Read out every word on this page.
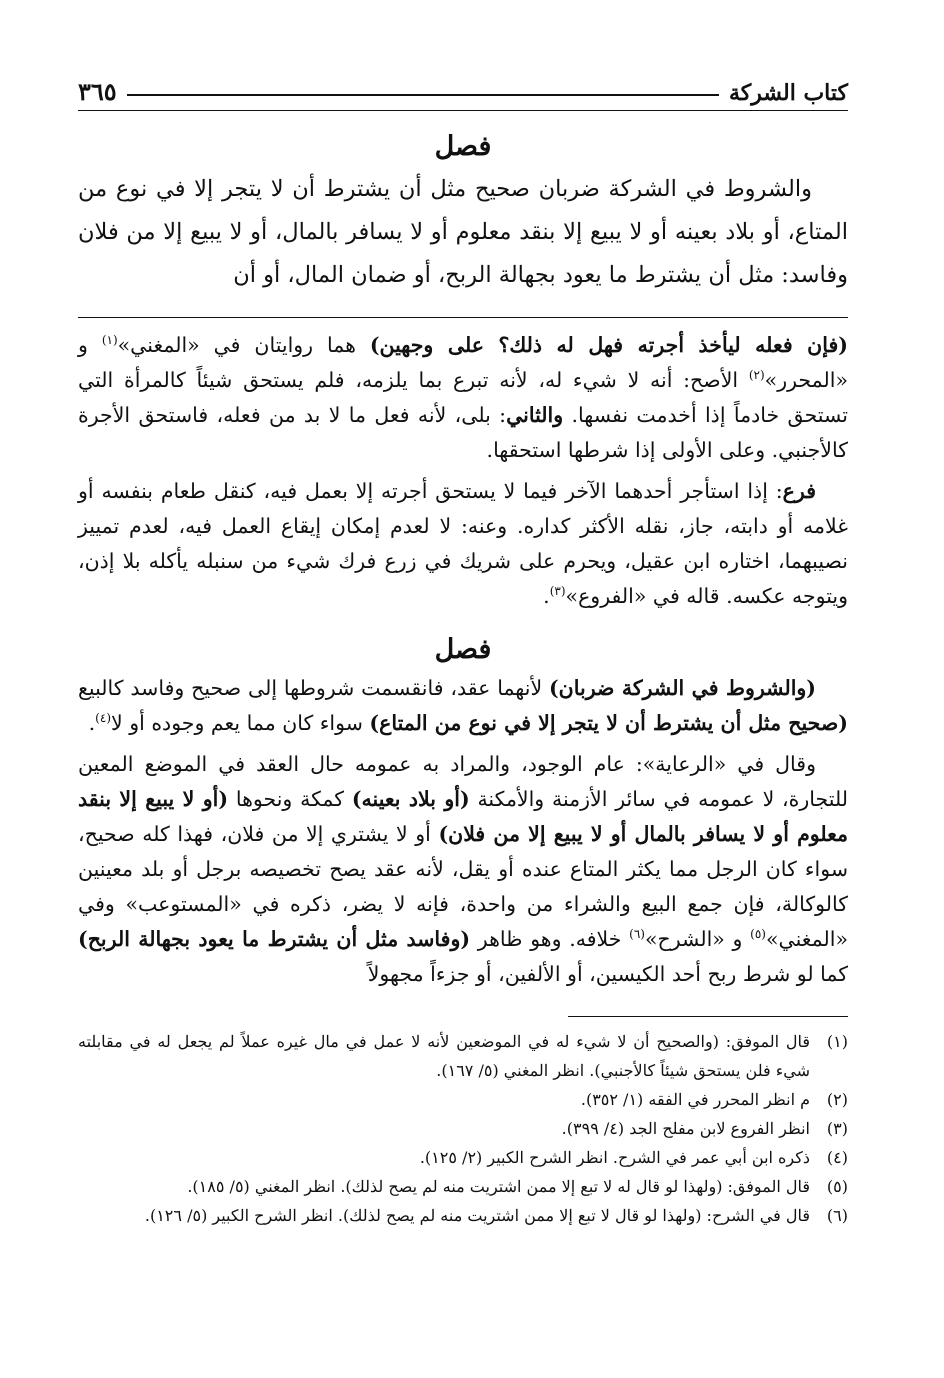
كتاب الشركة
٣٦٥
فصل

والشروط في الشركة ضربان صحيح مثل أن يشترط أن لا يتجر إلا في نوع من المتاع، أو بلاد بعينه أو لا يبيع إلا بنقد معلوم أو لا يسافر بالمال، أو لا يبيع إلا من فلان وفاسد: مثل أن يشترط ما يعود بجهالة الربح، أو ضمان المال، أو أن

(فإن فعله ليأخذ أجرته فهل له ذلك؟ على وجهين) هما روايتان في «المغني»$^{(١)}$ و «المحرر»$^{(٢)}$ الأصح: أنه لا شيء له، لأنه تبرع بما يلزمه، فلم يستحق شيئاً كالمرأة التي تستحق خادماً إذا أخدمت نفسها. والثاني: بلى، لأنه فعل ما لا بد من فعله، فاستحق الأجرة كالأجنبي. وعلى الأولى إذا شرطها استحقها.

فرع: إذا استأجر أحدهما الآخر فيما لا يستحق أجرته إلا بعمل فيه، كنقل طعام بنفسه أو غلامه أو دابته، جاز، نقله الأكثر كداره. وعنه: لا لعدم إمكان إيقاع العمل فيه، لعدم تمييز نصيبهما، اختاره ابن عقيل، ويحرم على شريك في زرع فرك شيء من سنبله يأكله بلا إذن، ويتوجه عكسه. قاله في «الفروع»$^{(٣)}$.

فصل

(والشروط في الشركة ضربان) لأنهما عقد، فانقسمت شروطها إلى صحيح وفاسد كالبيع (صحيح مثل أن يشترط أن لا يتجر إلا في نوع من المتاع) سواء كان مما يعم وجوده أو لا$^{(٤)}$.

وقال في «الرعاية»: عام الوجود، والمراد به عمومه حال العقد في الموضع المعين للتجارة، لا عمومه في سائر الأزمنة والأمكنة (أو بلاد بعينه) كمكة ونحوها (أو لا يبيع إلا بنقد معلوم أو لا يسافر بالمال أو لا يبيع إلا من فلان) أو لا يشتري إلا من فلان، فهذا كله صحيح، سواء كان الرجل مما يكثر المتاع عنده أو يقل، لأنه عقد يصح تخصيصه برجل أو بلد معينين كالوكالة، فإن جمع البيع والشراء من واحدة، فإنه لا يضر، ذكره في «المستوعب» وفي «المغني»$^{(٥)}$ و «الشرح»$^{(٦)}$ خلافه. وهو ظاهر (وفاسد مثل أن يشترط ما يعود بجهالة الربح) كما لو شرط ربح أحد الكيسين، أو الألفين، أو جزءاً مجهولاً

(١)
قال الموفق: (والصحيح أن لا شيء له في الموضعين لأنه لا عمل في مال غيره عملاً لم يجعل له في مقابلته شيء فلن يستحق شيئاً كالأجنبي). انظر المغني (٥/ ١٦٧).
(٢)
م انظر المحرر في الفقه (١/ ٣٥٢).
(٣)
انظر الفروع لابن مفلح الجد (٤/ ٣٩٩).
(٤)
ذكره ابن أبي عمر في الشرح. انظر الشرح الكبير (٢/ ١٢٥).
(٥)
قال الموفق: (ولهذا لو قال له لا تبع إلا ممن اشتريت منه لم يصح لذلك). انظر المغني (٥/ ١٨٥).
(٦)
قال في الشرح: (ولهذا لو قال لا تبع إلا ممن اشتريت منه لم يصح لذلك). انظر الشرح الكبير (٥/ ١٢٦).
